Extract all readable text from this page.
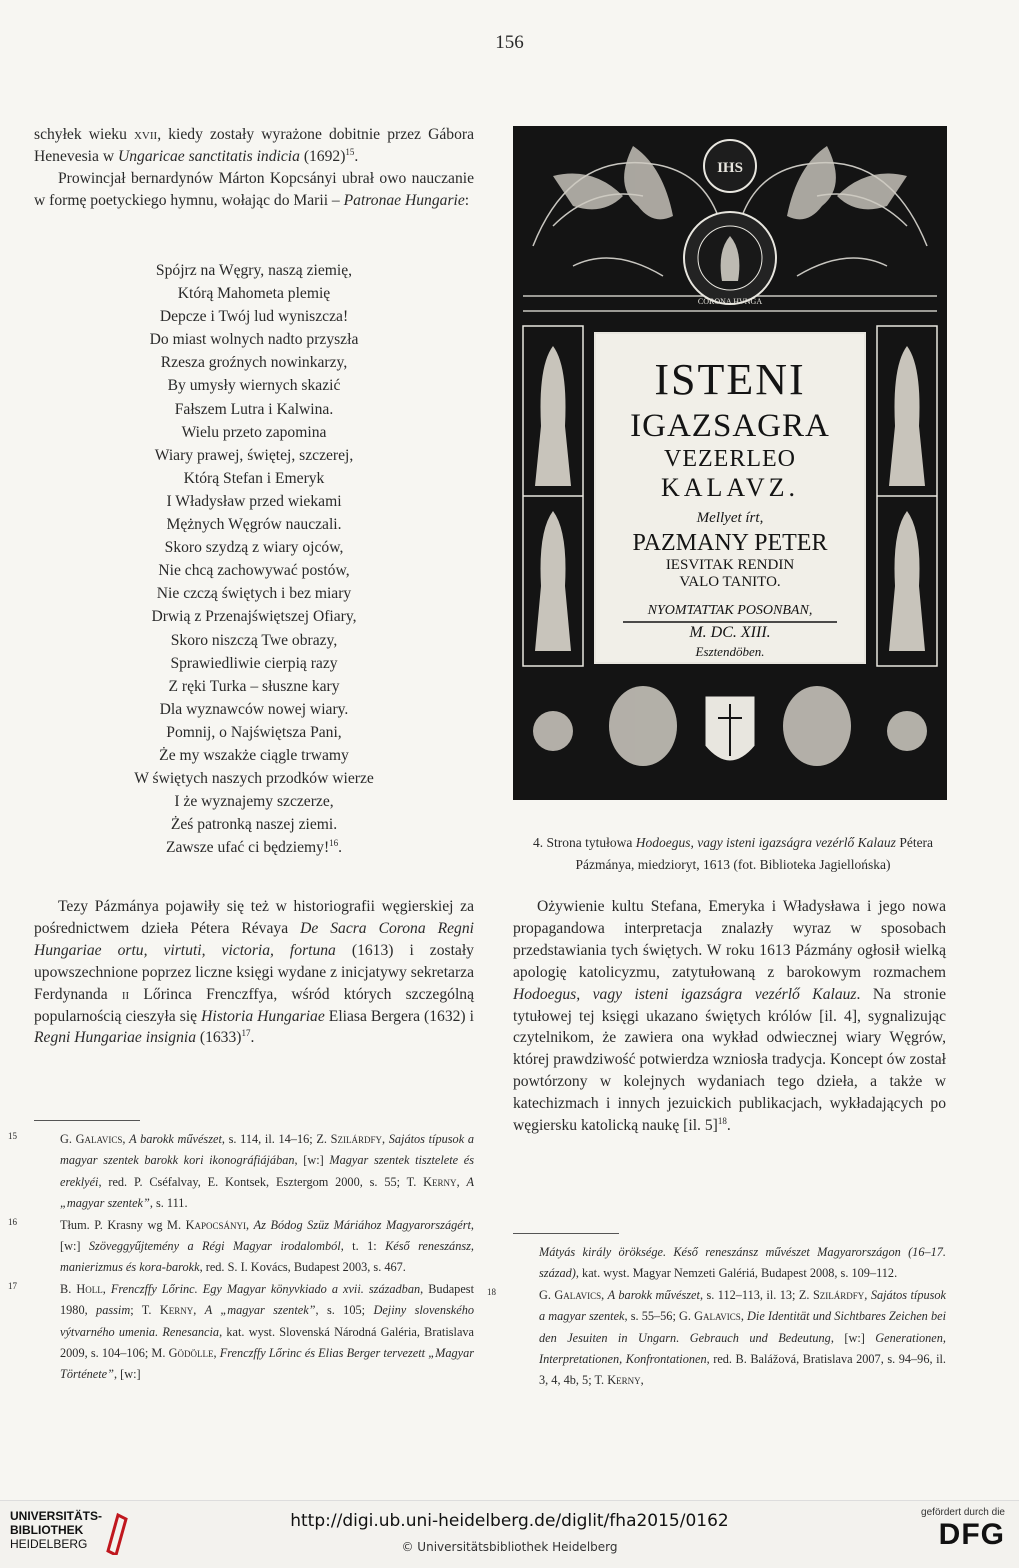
156

schyłek wieku xvii, kiedy zostały wyrażone dobitnie przez Gábora Henevesia w Ungaricae sanctitatis indicia $(1692)^{15}$.

Prowincjał bernardynów Márton Kopcsányi ubrał owo nauczanie w formę poetyckiego hymnu, wołając do Marii – Patronae Hungarie:

Spójrz na Węgry, naszą ziemię,
Którą Mahometa plemię
Depcze i Twój lud wyniszcza!
Do miast wolnych nadto przyszła
Rzesza groźnych nowinkarzy,
By umysły wiernych skazić
Fałszem Lutra i Kalwina.
Wielu przeto zapomina
Wiary prawej, świętej, szczerej,
Którą Stefan i Emeryk
I Władysław przed wiekami
Mężnych Węgrów nauczali.
Skoro szydzą z wiary ojców,
Nie chcą zachowywać postów,
Nie czczą świętych i bez miary
Drwią z Przenajświętszej Ofiary,
Skoro niszczą Twe obrazy,
Sprawiedliwie cierpią razy
Z ręki Turka – słuszne kary
Dla wyznawców nowej wiary.
Pomnij, o Najświętsza Pani,
Że my wszakże ciągle trwamy
W świętych naszych przodków wierze
I że wyznajemy szczerze,
Żeś patronką naszej ziemi.
Zawsze ufać ci będziemy!$^{16}$.

Tezy Pázmánya pojawiły się też w historiografii węgierskiej za pośrednictwem dzieła Pétera Révaya De Sacra Corona Regni Hungariae ortu, virtuti, victoria, fortuna (1613) i zostały upowszechnione poprzez liczne księgi wydane z inicjatywy sekretarza Ferdynanda ii Lőrinca Frenczffya, wśród których szczególną popularnością cieszyła się Historia Hungariae Eliasa Bergera (1632) i Regni Hungariae insignia $(1633)^{17}$.

15	G. Galavics, A barokk művészet, s. 114, il. 14–16; Z. Szilárdfy, Sajátos típusok a magyar szentek barokk kori ikonográfiájában, [w:] Magyar szentek tisztelete és ereklyéi, red. P. Cséfalvay, E. Kontsek, Esztergom 2000, s. 55; T. Kerny, A „magyar szentek”, s. 111.

16	Tłum. P. Krasny wg M. Kapocsányi, Az Bódog Szüz Máriához Magyarországért, [w:] Szöveggyűjtemény a Régi Magyar irodalomból, t. 1: Késő reneszánsz, manierizmus és kora-barokk, red. S. I. Kovács, Budapest 2003, s. 467.

17	B. Holl, Frenczffy Lőrinc. Egy Magyar könyvkiado a xvii. században, Budapest 1980, passim; T. Kerny, A „magyar szentek”, s. 105; Dejiny slovenského výtvarného umenia. Renesancia, kat. wyst. Slovenská Národná Galéria, Bratislava 2009, s. 104–106; M. Gödölle, Frenczffy Lőrinc és Elias Berger tervezett „Magyar Története”, [w:]

IHS
CORONA HVNGA
ISTENI
IGAZSAGRA
VEZERLEO
KALAVZ.
Mellyet írt,
PAZMANY PETER
IESVITAK RENDIN
VALO TANITO.
NYOMTATTAK POSONBAN,
M. DC. XIII.
Esztendöben.
4. Strona tytułowa Hodoegus, vagy isteni igazságra vezérlő Kalauz Pétera Pázmánya, miedzioryt, 1613 (fot. Biblioteka Jagiellońska)

Ożywienie kultu Stefana, Emeryka i Władysława i jego nowa propagandowa interpretacja znalazły wyraz w sposobach przedstawiania tych świętych. W roku 1613 Pázmány ogłosił wielką apologię katolicyzmu, zatytułowaną z barokowym rozmachem Hodoegus, vagy isteni igazságra vezérlő Kalauz. Na stronie tytułowej tej księgi ukazano świętych królów [il. 4], sygnalizując czytelnikom, że zawiera ona wykład odwiecznej wiary Węgrów, której prawdziwość potwierdza wzniosła tradycja. Koncept ów został powtórzony w kolejnych wydaniach tego dzieła, a także w katechizmach i innych jezuickich publikacjach, wykładających po węgiersku katolicką naukę [il. 5]$^{18}$.

Mátyás király öröksége. Késő reneszánsz művészet Magyarországon (16–17. század), kat. wyst. Magyar Nemzeti Galériá, Budapest 2008, s. 109–112.

18	G. Galavics, A barokk művészet, s. 112–113, il. 13; Z. Szilárdfy, Sajátos típusok a magyar szentek, s. 55–56; G. Galavics, Die Identität und Sichtbares Zeichen bei den Jesuiten in Ungarn. Gebrauch und Bedeutung, [w:] Generationen, Interpretationen, Konfrontationen, red. B. Balážová, Bratislava 2007, s. 94–96, il. 3, 4, 4b, 5; T. Kerny,

UNIVERSITÄTS-
BIBLIOTHEK
HEIDELBERG
http://digi.ub.uni-heidelberg.de/diglit/fha2015/0162
© Universitätsbibliothek Heidelberg
gefördert durch die
DFG
